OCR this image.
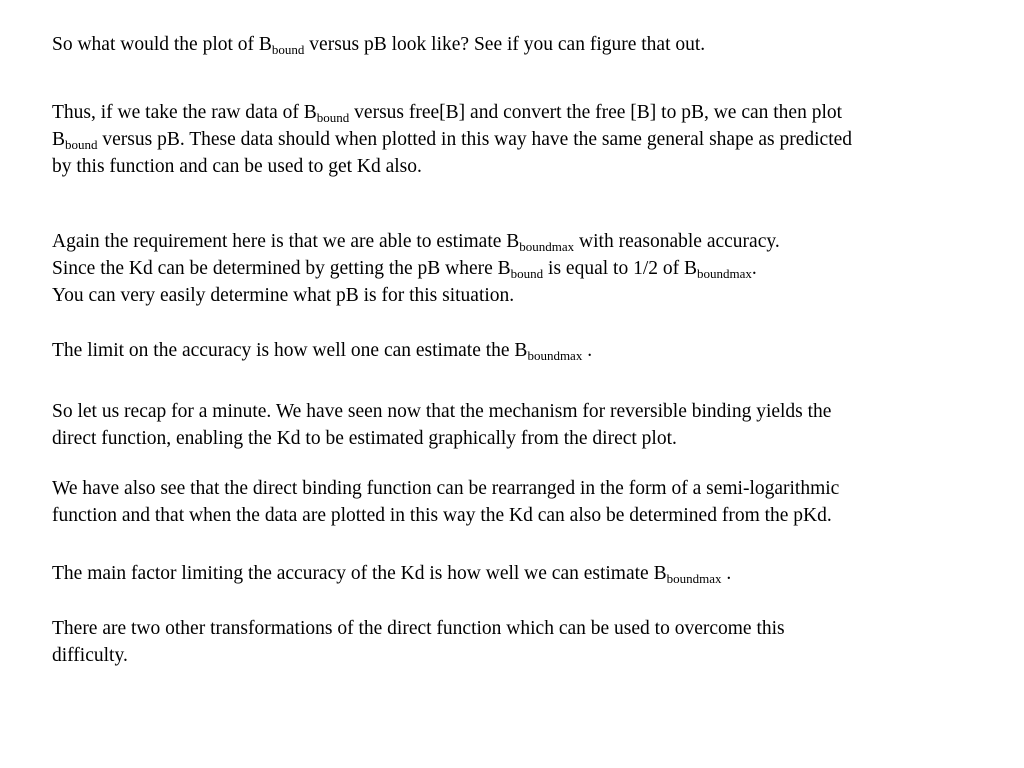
So what would the plot of $B_{bound}$ versus pB look like? See if you can figure that out.

Thus, if we take the raw data of $B_{bound}$ versus free[B] and convert the free [B] to pB, we can then plot
$B_{bound}$ versus pB. These data should when plotted in this way have the same general shape as predicted
by this function and can be used to get Kd also.
Again the requirement here is that we are able to estimate $B_{boundmax}$ with reasonable accuracy.
Since the Kd can be determined by getting the pB where $B_{bound}$ is equal to 1/2 of $B_{boundmax}$.
You can very easily determine what pB is for this situation.

The limit on the accuracy is how well one can estimate the $B_{boundmax}$ .

So let us recap for a minute. We have seen now that the mechanism for reversible binding yields the
direct function, enabling the Kd to be estimated graphically from the direct plot.
We have also see that the direct binding function can be rearranged in the form of a semi-logarithmic
function and that when the data are plotted in this way the Kd can also be determined from the pKd.

The main factor limiting the accuracy of the Kd is how well we can estimate $B_{boundmax}$ .

There are two other transformations of the direct function which can be used to overcome this
difficulty.
